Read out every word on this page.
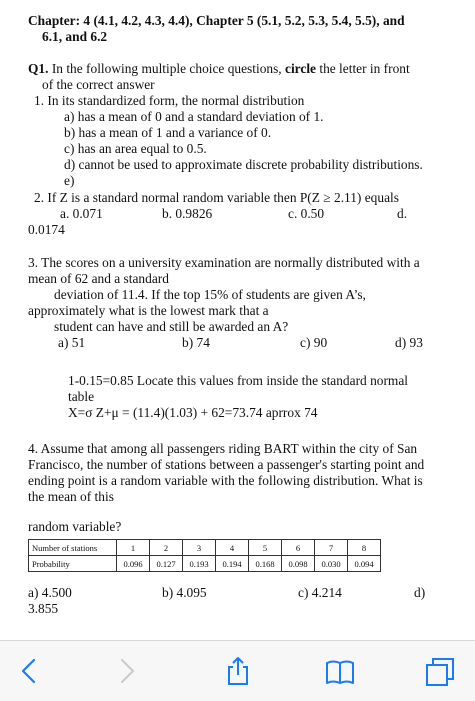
Chapter: 4 (4.1, 4.2, 4.3, 4.4), Chapter 5 (5.1, 5.2, 5.3, 5.4, 5.5), and
6.1, and 6.2
Q1. In the following multiple choice questions, circle the letter in front
of the correct answer
1. In its standardized form, the normal distribution
a) has a mean of 0 and a standard deviation of 1.
b) has a mean of 1 and a variance of 0.
c) has an area equal to 0.5.
d) cannot be used to approximate discrete probability distributions.
e)
2. If Z is a standard normal random variable then P(Z ≥ 2.11) equals
a. 0.071	b. 0.9826	c. 0.50	d.
0.0174
3. The scores on a university examination are normally distributed with a
mean of 62 and a standard
deviation of 11.4. If the top 15% of students are given A’s,
approximately what is the lowest mark that a
student can have and still be awarded an A?
a) 51	b) 74	c) 90	d) 93
1-0.15=0.85 Locate this values from inside the standard normal
table
X=σ Z+μ = (11.4)(1.03) + 62=73.74 aprrox 74
4. Assume that among all passengers riding BART within the city of San
Francisco, the number of stations between a passenger's starting point and
ending point is a random variable with the following distribution. What is
the mean of this
random variable?
Number of stations	1	2	3	4	5	6	7	8
Probability	0.096	0.127	0.193	0.194	0.168	0.098	0.030	0.094
a) 4.500	b) 4.095	c) 4.214	d)
3.855
